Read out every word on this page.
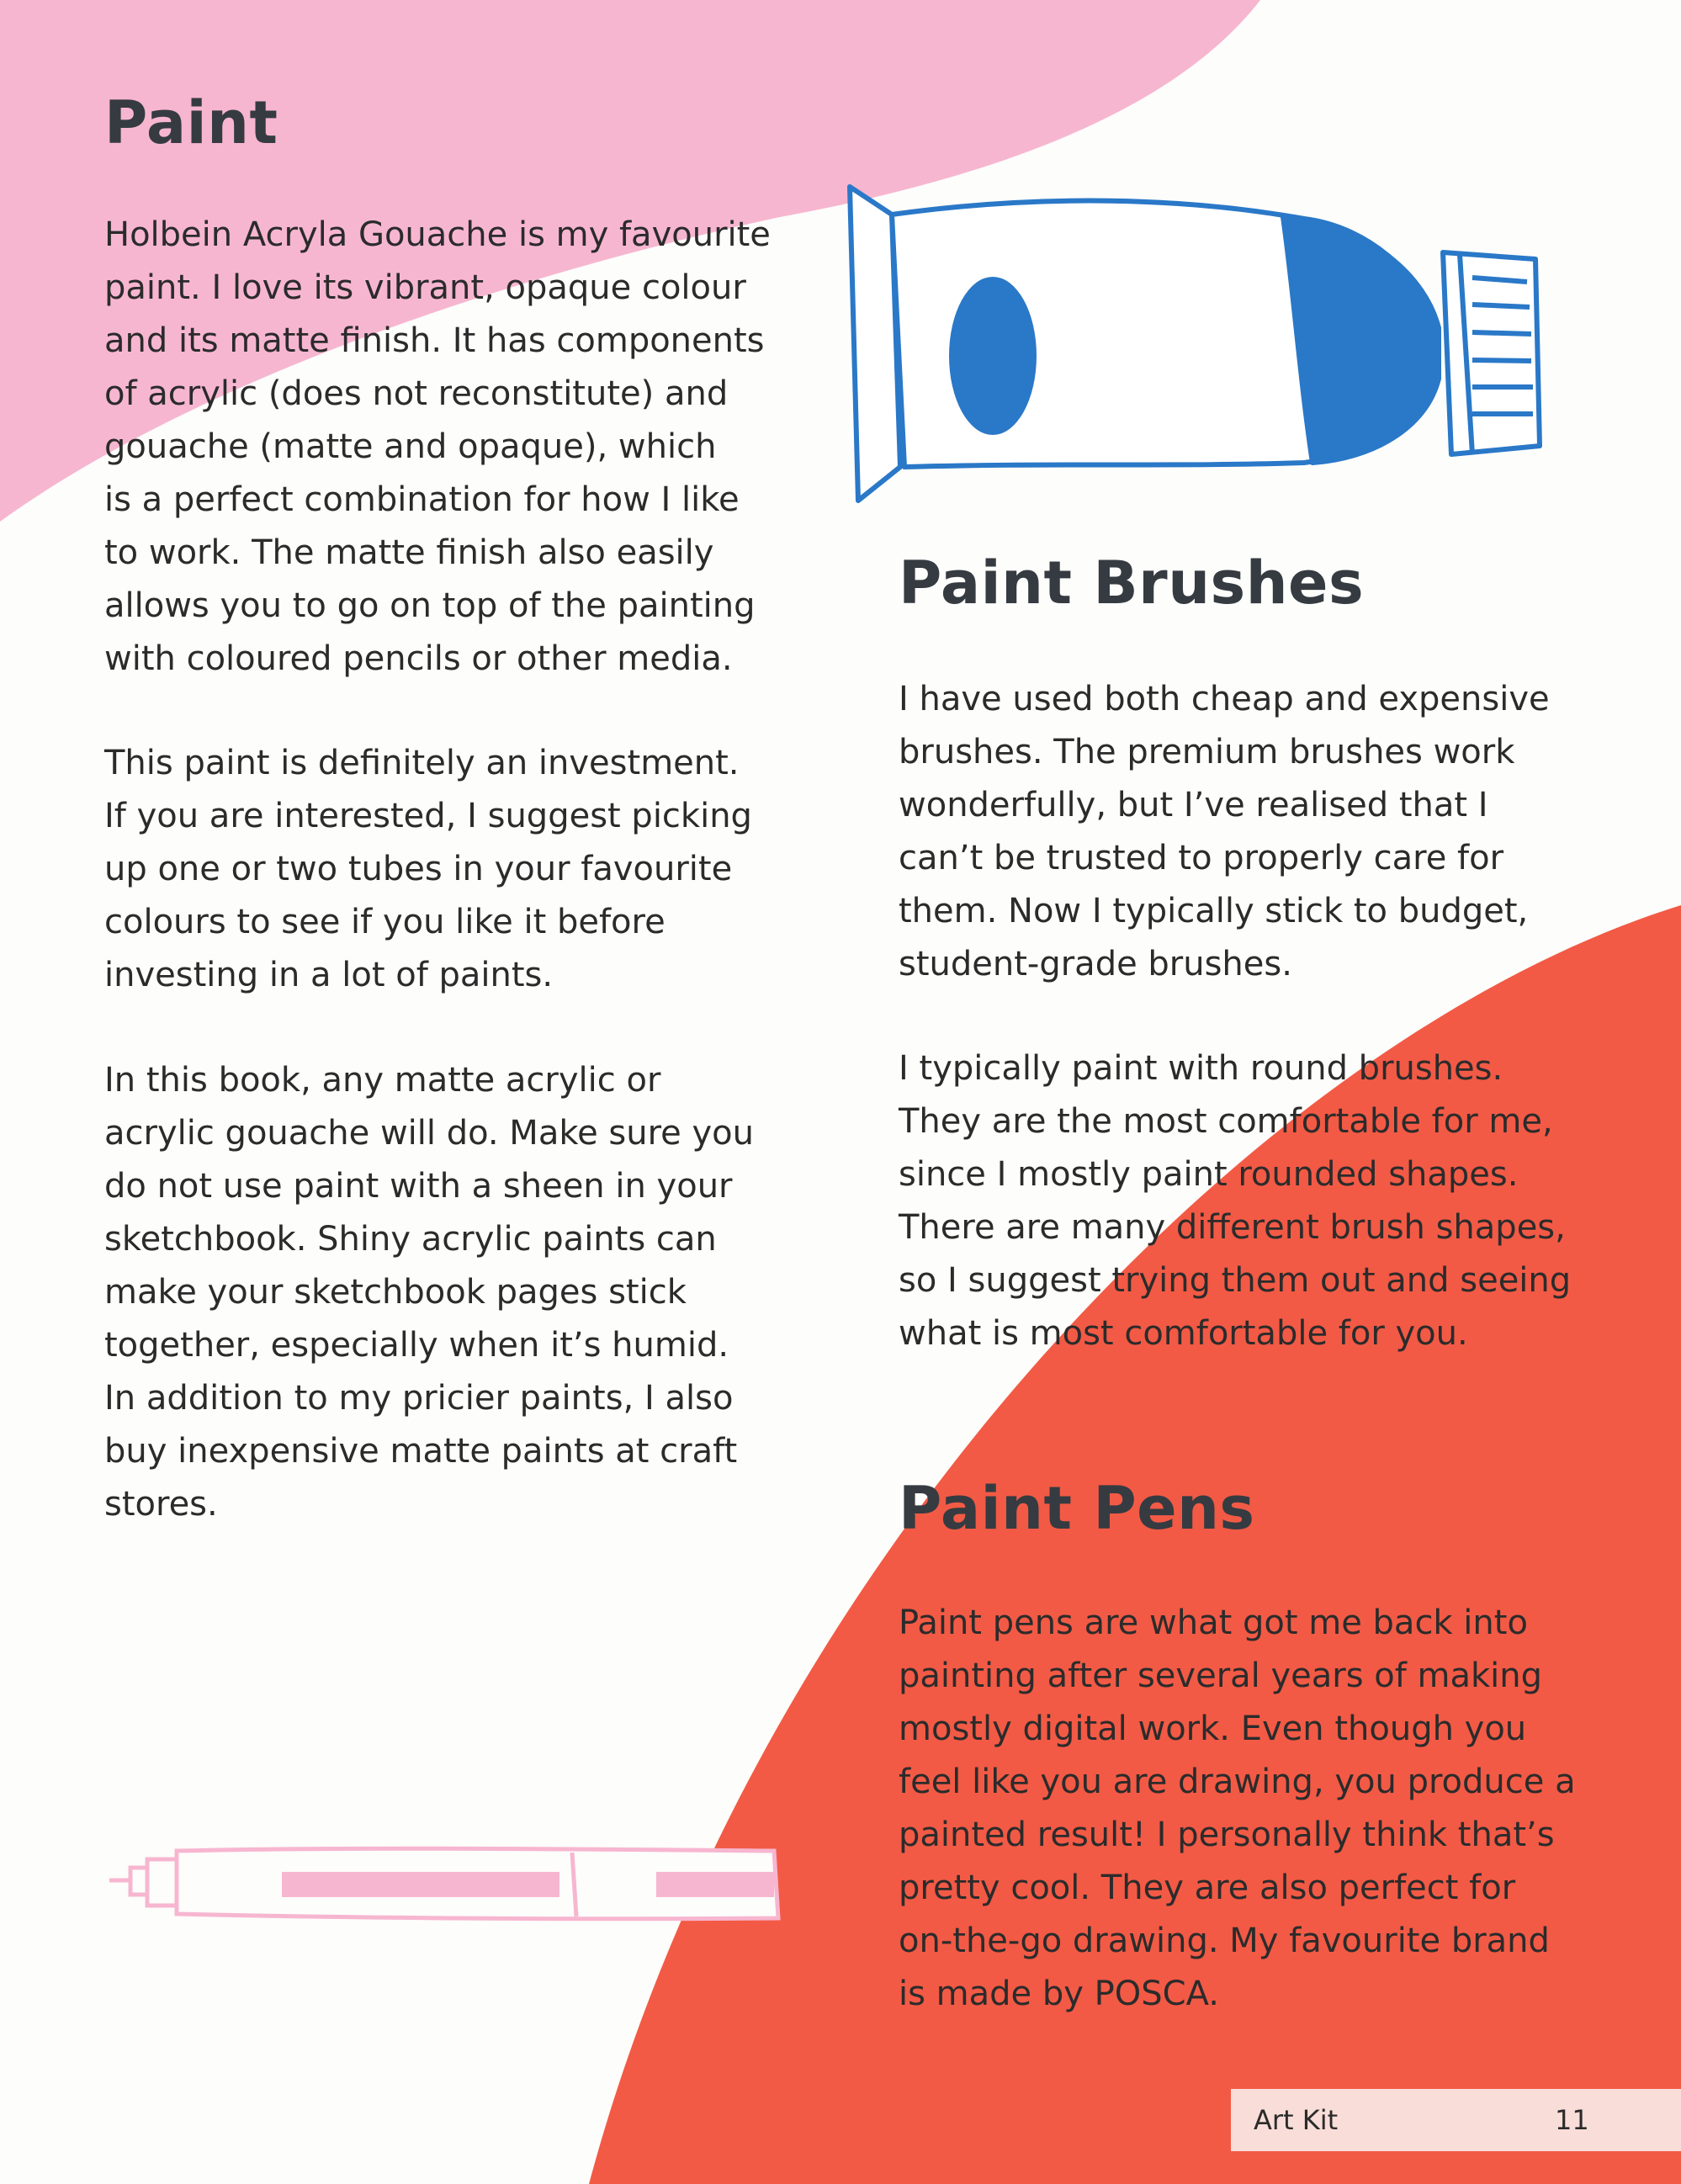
Paint

Holbein Acryla Gouache is my favourite
paint. I love its vibrant, opaque colour
and its matte finish. It has components
of acrylic (does not reconstitute) and
gouache (matte and opaque), which
is a perfect combination for how I like
to work. The matte finish also easily
allows you to go on top of the painting
with coloured pencils or other media.

This paint is definitely an investment.
If you are interested, I suggest picking
up one or two tubes in your favourite
colours to see if you like it before
investing in a lot of paints.

In this book, any matte acrylic or
acrylic gouache will do. Make sure you
do not use paint with a sheen in your
sketchbook. Shiny acrylic paints can
make your sketchbook pages stick
together, especially when it’s humid.
In addition to my pricier paints, I also
buy inexpensive matte paints at craft
stores.

Paint Brushes

I have used both cheap and expensive
brushes. The premium brushes work
wonderfully, but I’ve realised that I
can’t be trusted to properly care for
them. Now I typically stick to budget,
student-grade brushes.

I typically paint with round brushes.
They are the most comfortable for me,
since I mostly paint rounded shapes.
There are many different brush shapes,
so I suggest trying them out and seeing
what is most comfortable for you.

Paint Pens

Paint pens are what got me back into
painting after several years of making
mostly digital work. Even though you
feel like you are drawing, you produce a
painted result! I personally think that’s
pretty cool. They are also perfect for
on-the-go drawing. My favourite brand
is made by POSCA.

Art Kit	11
